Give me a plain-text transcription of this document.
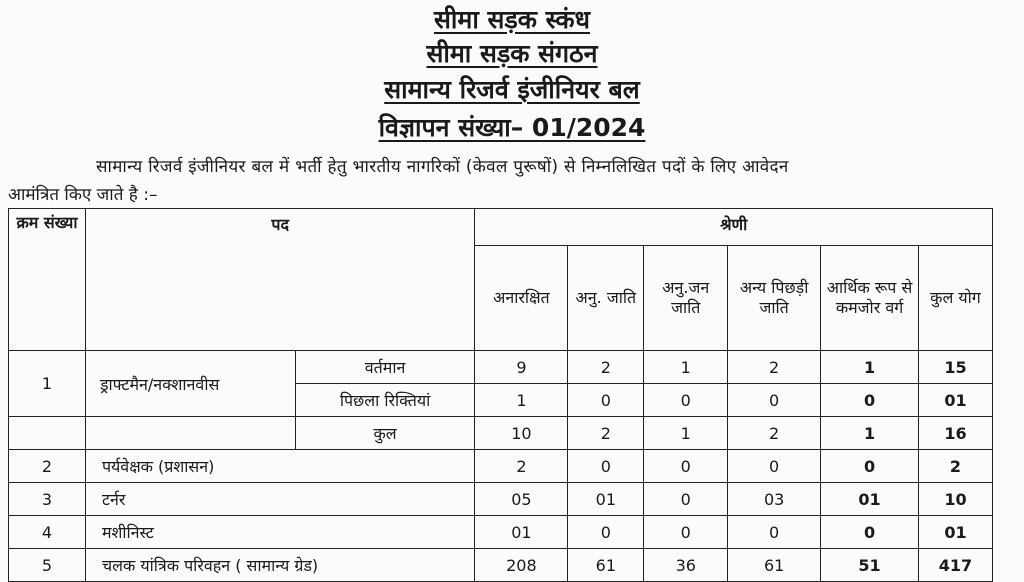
सीमा सड़क स्कंध
सीमा सड़क संगठन
सामान्य रिजर्व इंजीनियर बल
विज्ञापन संख्या– 01/2024
सामान्य रिजर्व इंजीनियर बल में भर्ती हेतु भारतीय नागरिकों (केवल पुरूषों) से निम्नलिखित पदों के लिए आवेदन
आमंत्रित किए जाते है :–
क्रम संख्या	पद		श्रेणी					
			अनारक्षित	अनु. जाति	अनु.जन जाति	अन्य पिछड़ी जाति	आर्थिक रूप से कमजोर वर्ग	कुल योग
1	ड्राफ्टमैन/नक्शानवीस	वर्तमान	9	2	1	2	1	15
		पिछला रिक्तियां	1	0	0	0	0	01
		कुल	10	2	1	2	1	16
2	पर्यवेक्षक (प्रशासन)		2	0	0	0	0	2
3	टर्नर		05	01	0	03	01	10
4	मशीनिस्ट		01	0	0	0	0	01
5	चलक यांत्रिक परिवहन ( सामान्य ग्रेड)		208	61	36	61	51	417
